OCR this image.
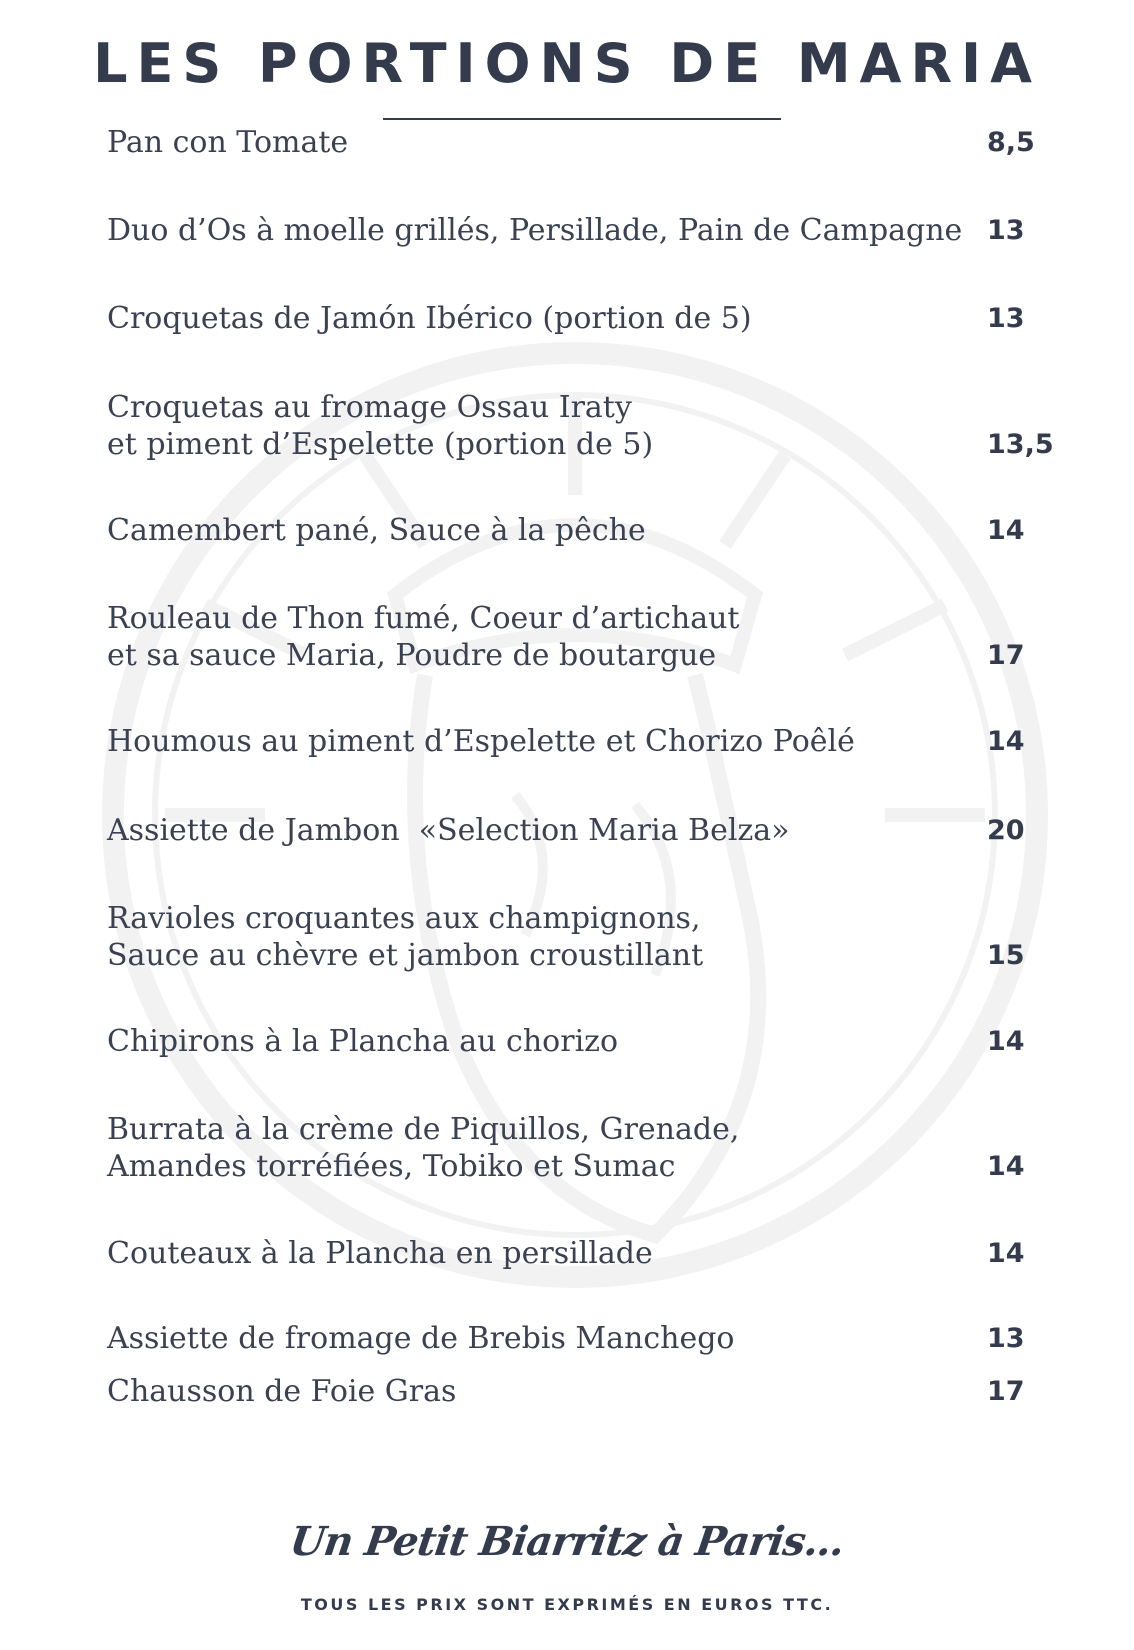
LES PORTIONS DE MARIA
Pan con Tomate	8,5
Duo d’Os à moelle grillés, Persillade, Pain de Campagne 13
Croquetas de Jamón Ibérico (portion de 5)	13
Croquetas au fromage Ossau Iraty
et piment d’Espelette (portion de 5)	13,5
Camembert pané, Sauce à la pêche	14
Rouleau de Thon fumé, Coeur d’artichaut
et sa sauce Maria, Poudre de boutargue	17
Houmous au piment d’Espelette et Chorizo Poêlé	14
Assiette de Jambon  «Selection Maria Belza»	20
Ravioles croquantes aux champignons,
Sauce au chèvre et jambon croustillant	15
Chipirons à la Plancha au chorizo	14
Burrata à la crème de Piquillos, Grenade,
Amandes torréfiées, Tobiko et Sumac	14
Couteaux à la Plancha en persillade	14
Assiette de fromage de Brebis Manchego	13
Chausson de Foie Gras	17
Un Petit Biarritz à Paris...
TOUS LES PRIX SONT EXPRIMÉS EN EUROS TTC.
